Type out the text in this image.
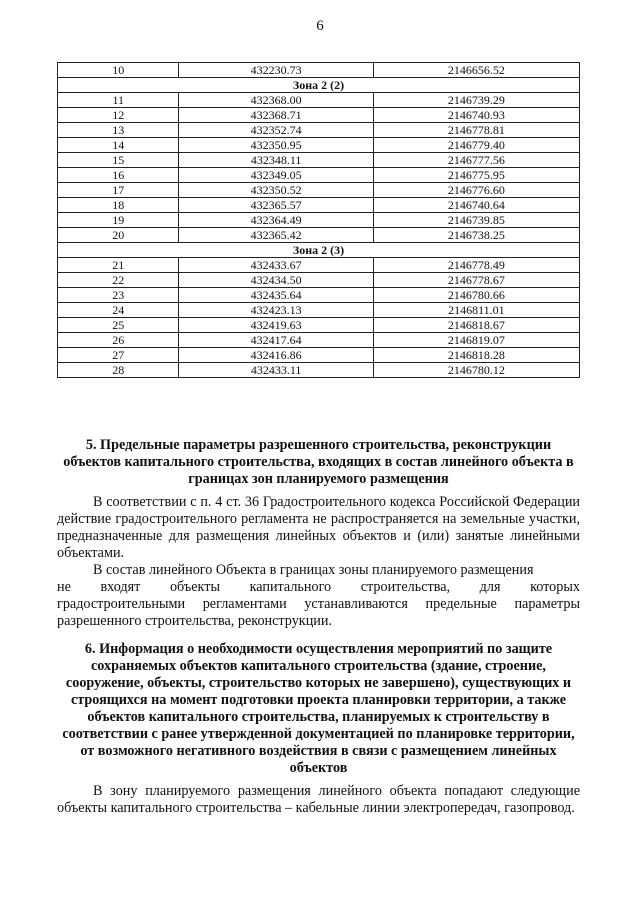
6
10	432230.73	2146656.52
Зона 2 (2)		
11	432368.00	2146739.29
12	432368.71	2146740.93
13	432352.74	2146778.81
14	432350.95	2146779.40
15	432348.11	2146777.56
16	432349.05	2146775.95
17	432350.52	2146776.60
18	432365.57	2146740.64
19	432364.49	2146739.85
20	432365.42	2146738.25
Зона 2 (3)		
21	432433.67	2146778.49
22	432434.50	2146778.67
23	432435.64	2146780.66
24	432423.13	2146811.01
25	432419.63	2146818.67
26	432417.64	2146819.07
27	432416.86	2146818.28
28	432433.11	2146780.12
5. Предельные параметры разрешенного строительства, реконструкции объектов капитального строительства, входящих в состав линейного объекта в границах зон планируемого размещения

В соответствии с п. 4 ст. 36 Градостроительного кодекса Российской Федерации действие градостроительного регламента не распространяется на земельные участки, предназначенные для размещения линейных объектов и (или) занятые линейными объектами.

В состав линейного Объекта в границах зоны планируемого размещения

не входят объекты капитального строительства, для которых

градостроительными регламентами устанавливаются предельные параметры разрешенного строительства, реконструкции.

6. Информация о необходимости осуществления мероприятий по защите сохраняемых объектов капитального строительства (здание, строение, сооружение, объекты, строительство которых не завершено), существующих и строящихся на момент подготовки проекта планировки территории, а также объектов капитального строительства, планируемых к строительству в соответствии с ранее утвержденной документацией по планировке территории, от возможного негативного воздействия в связи с размещением линейных объектов

В зону планируемого размещения линейного объекта попадают следующие объекты капитального строительства – кабельные линии электропередач, газопровод.
